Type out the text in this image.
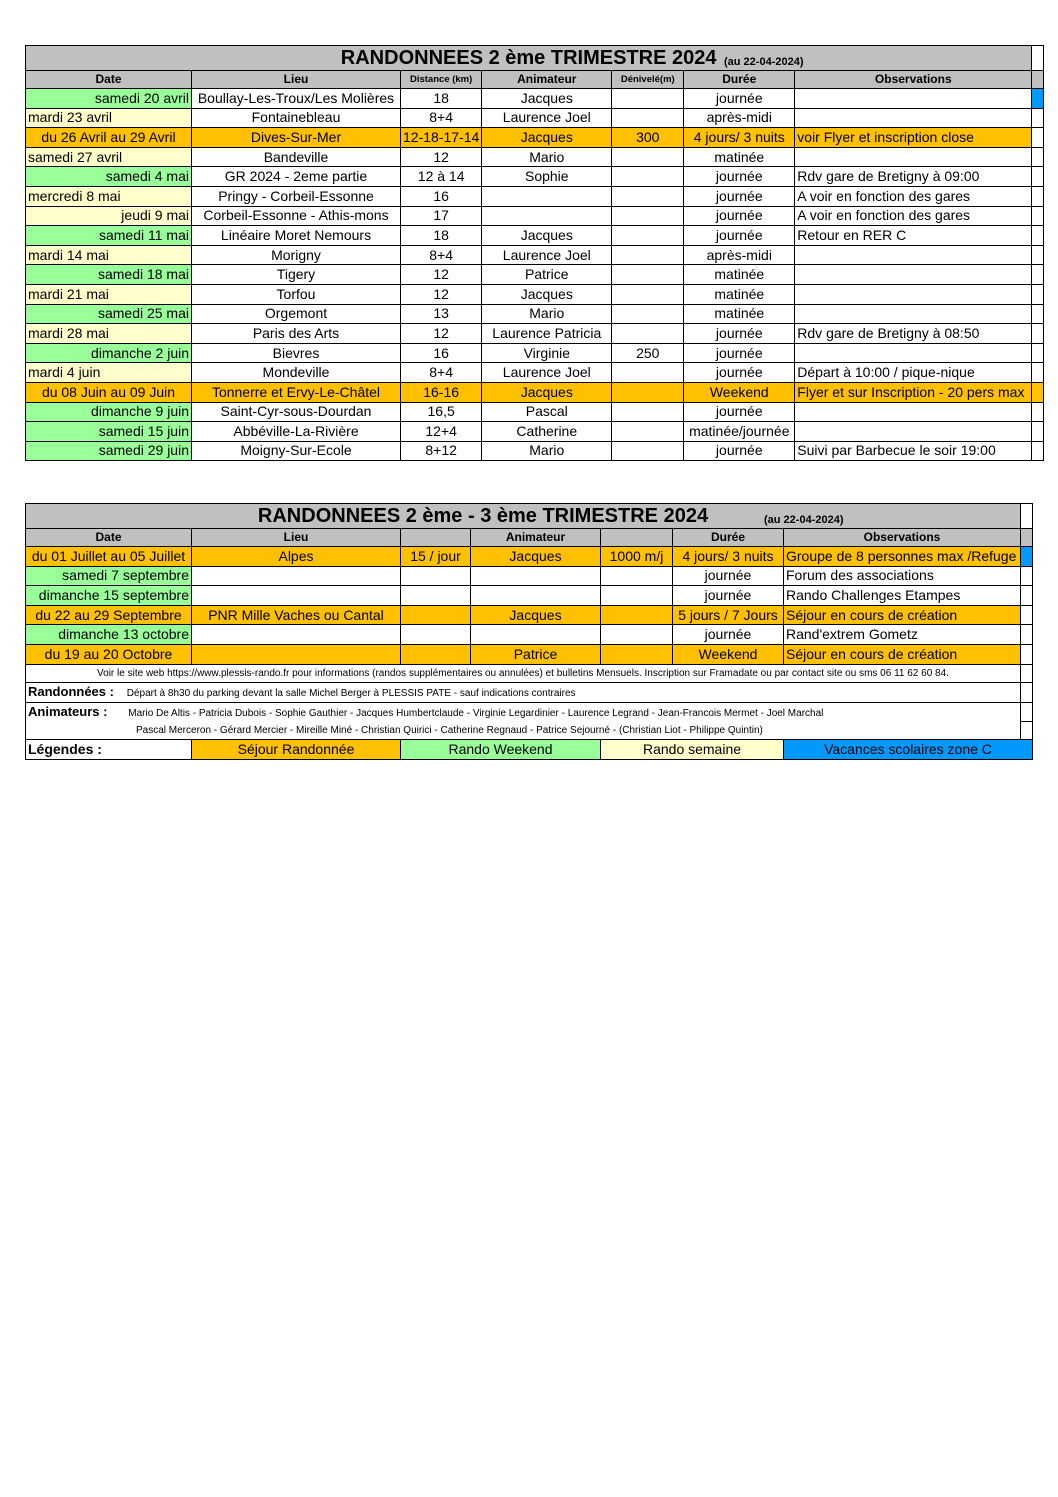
RANDONNEES 2 ème TRIMESTRE 2024 (au 22-04-2024)							

Date	Lieu	Distance (km)	Animateur	Dénivelé(m)	Durée	Observations	
samedi 20 avril	Boullay-Les-Troux/Les Molières	18	Jacques		journée		
mardi 23 avril	Fontainebleau	8+4	Laurence Joel		après-midi		
du 26 Avril au 29 Avril	Dives-Sur-Mer	12-18-17-14	Jacques	300	4 jours/ 3 nuits	voir Flyer et inscription close	
samedi 27 avril	Bandeville	12	Mario		matinée		
samedi 4 mai	GR 2024 - 2eme partie	12 à 14	Sophie		journée	Rdv gare de Bretigny à 09:00	
mercredi 8 mai	Pringy - Corbeil-Essonne	16			journée	A voir en fonction des gares	
jeudi 9 mai	Corbeil-Essonne - Athis-mons	17			journée	A voir en fonction des gares	
samedi 11 mai	Linéaire Moret Nemours	18	Jacques		journée	Retour en RER C	
mardi 14 mai	Morigny	8+4	Laurence Joel		après-midi		
samedi 18 mai	Tigery	12	Patrice		matinée		
mardi 21 mai	Torfou	12	Jacques		matinée		
samedi 25 mai	Orgemont	13	Mario		matinée		
mardi 28 mai	Paris des Arts	12	Laurence Patricia		journée	Rdv gare de Bretigny à 08:50	
dimanche 2 juin	Bievres	16	Virginie	250	journée		
mardi 4 juin	Mondeville	8+4	Laurence Joel		journée	Départ à 10:00 / pique-nique	
du 08 Juin au 09 Juin	Tonnerre et Ervy-Le-Châtel	16-16	Jacques		Weekend	Flyer et sur Inscription - 20 pers max	
dimanche 9 juin	Saint-Cyr-sous-Dourdan	16,5	Pascal		journée		
samedi 15 juin	Abbéville-La-Rivière	12+4	Catherine		matinée/journée		
samedi 29 juin	Moigny-Sur-Ecole	8+12	Mario		journée	Suivi par Barbecue le soir 19:00	
RANDONNEES 2 ème - 3 ème TRIMESTRE 2024 (au 22-04-2024)							

Date	Lieu		Animateur		Durée	Observations	
du 01 Juillet au 05 Juillet	Alpes	15 / jour	Jacques	1000 m/j	4 jours/ 3 nuits	Groupe de 8 personnes max /Refuge	
samedi 7 septembre					journée	Forum des associations	
dimanche 15 septembre					journée	Rando Challenges Etampes	
du 22 au 29 Septembre	PNR Mille Vaches ou Cantal		Jacques		5 jours / 7 Jours	Séjour en cours de création	
dimanche 13 octobre					journée	Rand'extrem Gometz	
du 19 au 20 Octobre			Patrice		Weekend	Séjour en cours de création	
Voir le site web https://www.plessis-rando.fr pour informations (randos supplémentaires ou annulées) et bulletins Mensuels. Inscription sur Framadate ou par contact site ou sms 06 11 62 60 84.							
Randonnées : Départ à 8h30 du parking devant la salle Michel Berger à PLESSIS PATE - sauf indications contraires							
Animateurs : Mario De Altis - Patricia Dubois - Sophie Gauthier - Jacques Humbertclaude - Virginie Legardinier - Laurence Legrand - Jean-Francois Mermet - Joel Marchal							
Pascal Merceron - Gérard Mercier - Mireille Miné - Christian Quirici - Catherine Regnaud - Patrice Sejourné - (Christian Liot - Philippe Quintin)							
Légendes :	Séjour Randonnée	Rando Weekend		Rando semaine		Vacances scolaires zone C	
